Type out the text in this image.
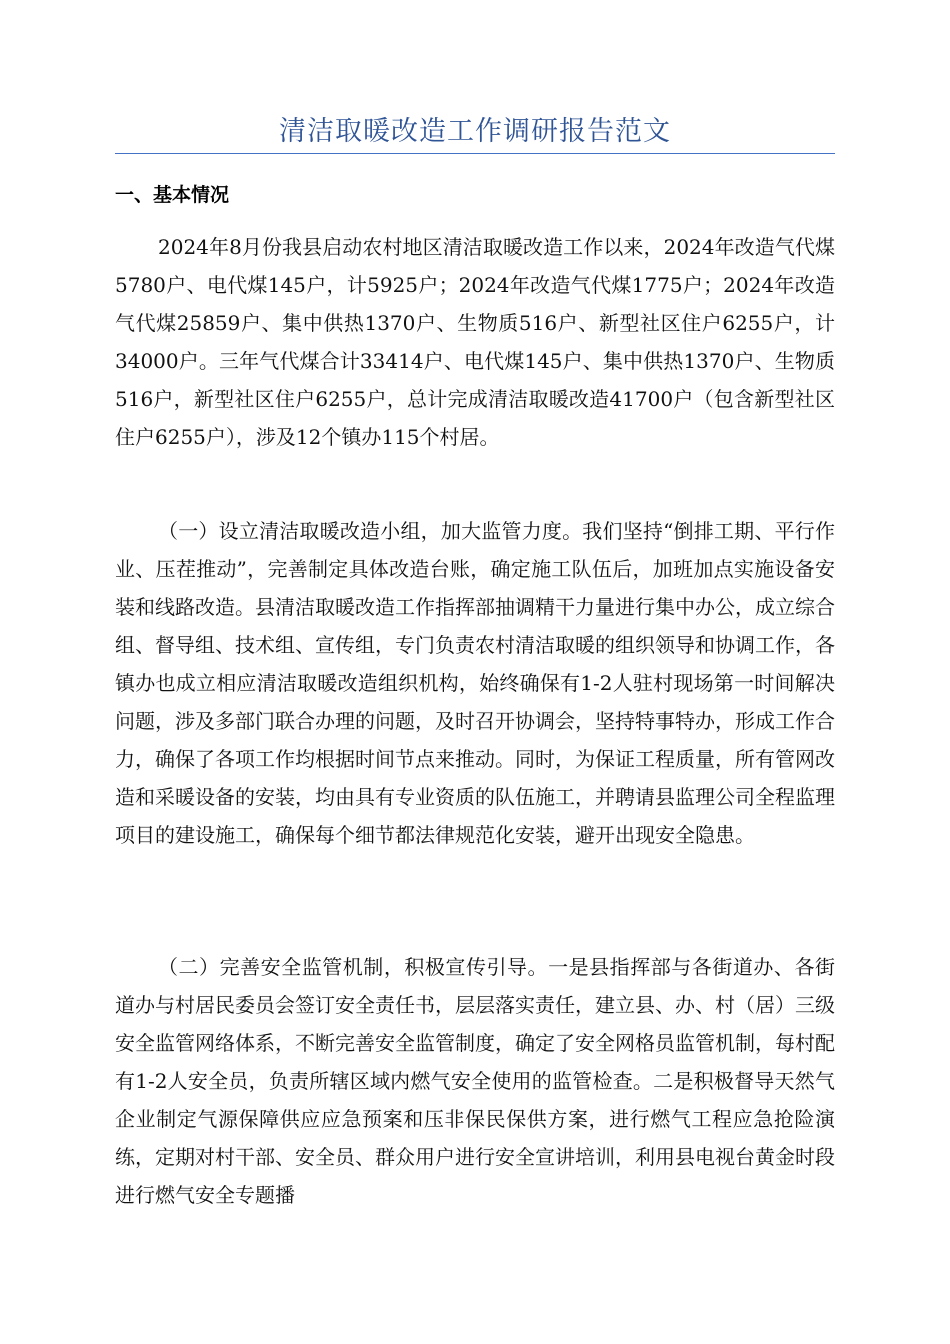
清洁取暖改造工作调研报告范文
一、基本情况

2024年8月份我县启动农村地区清洁取暖改造工作以来，2024年改造气代煤5780户、电代煤145户，计5925户；2024年改造气代煤1775户；2024年改造气代煤25859户、集中供热1370户、生物质516户、新型社区住户6255户，计34000户。三年气代煤合计33414户、电代煤145户、集中供热1370户、生物质516户，新型社区住户6255户，总计完成清洁取暖改造41700户（包含新型社区住户6255户），涉及12个镇办115个村居。

（一）设立清洁取暖改造小组，加大监管力度。我们坚持“倒排工期、平行作业、压茬推动”，完善制定具体改造台账，确定施工队伍后，加班加点实施设备安装和线路改造。县清洁取暖改造工作指挥部抽调精干力量进行集中办公，成立综合组、督导组、技术组、宣传组，专门负责农村清洁取暖的组织领导和协调工作，各镇办也成立相应清洁取暖改造组织机构，始终确保有1-2人驻村现场第一时间解决问题，涉及多部门联合办理的问题，及时召开协调会，坚持特事特办，形成工作合力，确保了各项工作均根据时间节点来推动。同时，为保证工程质量，所有管网改造和采暖设备的安装，均由具有专业资质的队伍施工，并聘请县监理公司全程监理项目的建设施工，确保每个细节都法律规范化安装，避开出现安全隐患。

（二）完善安全监管机制，积极宣传引导。一是县指挥部与各街道办、各街道办与村居民委员会签订安全责任书，层层落实责任，建立县、办、村（居）三级安全监管网络体系，不断完善安全监管制度，确定了安全网格员监管机制，每村配有1-2人安全员，负责所辖区域内燃气安全使用的监管检查。二是积极督导天然气企业制定气源保障供应应急预案和压非保民保供方案，进行燃气工程应急抢险演练，定期对村干部、安全员、群众用户进行安全宣讲培训，利用县电视台黄金时段进行燃气安全专题播
